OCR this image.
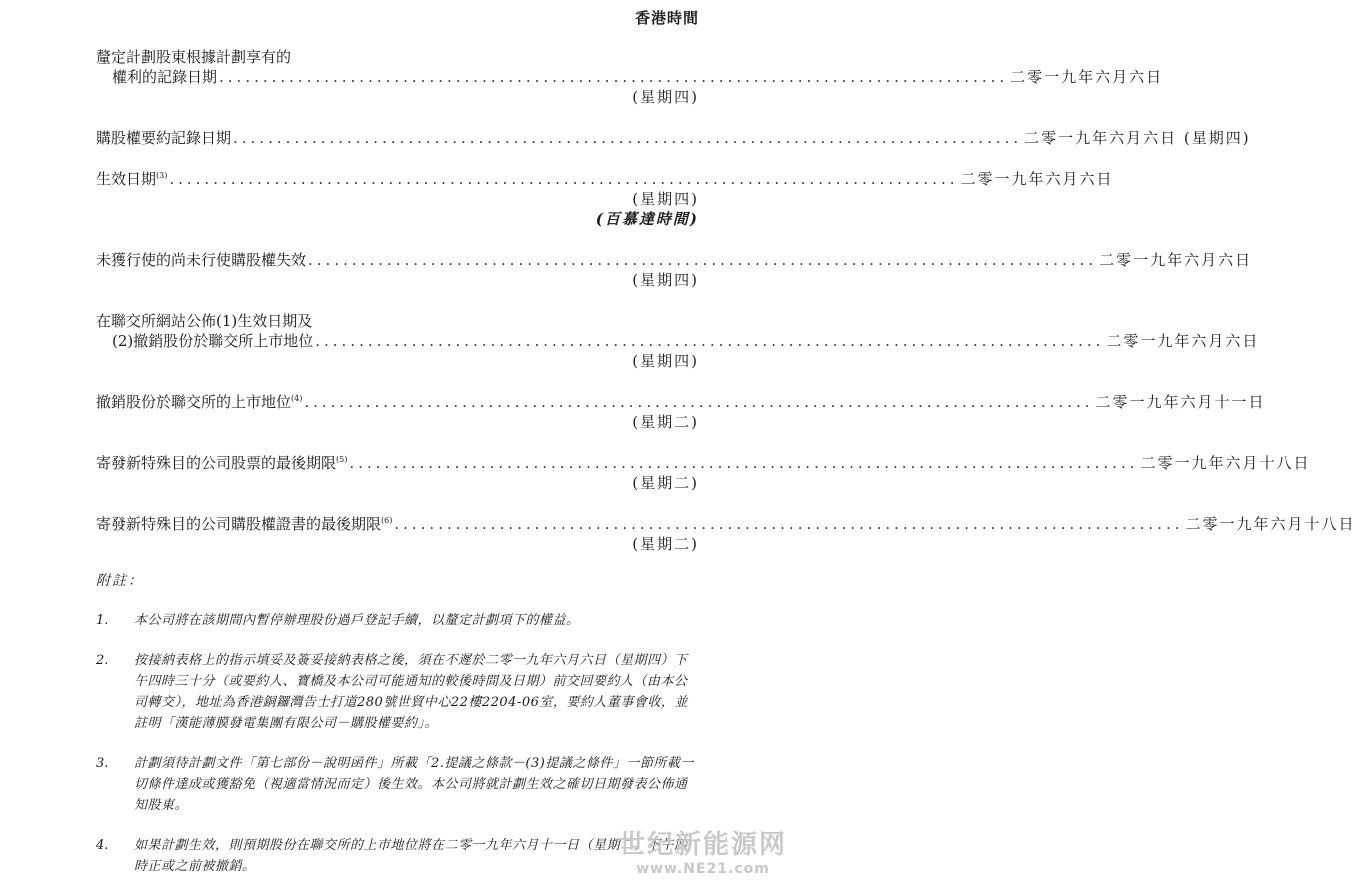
香港時間
釐定計劃股東根據計劃享有的
權利的記錄日期 .......................................................................................... 二零一九年六月六日
(星期四)
購股權要約記錄日期 .......................................................................................... 二零一九年六月六日 (星期四)
生效日期$^{(3)}$ .......................................................................................... 二零一九年六月六日
(星期四)
(百慕達時間)
未獲行使的尚未行使購股權失效 .......................................................................................... 二零一九年六月六日
(星期四)
在聯交所網站公佈(1)生效日期及
(2)撤銷股份於聯交所上市地位 .......................................................................................... 二零一九年六月六日
(星期四)
撤銷股份於聯交所的上市地位$^{(4)}$ .......................................................................................... 二零一九年六月十一日
(星期二)
寄發新特殊目的公司股票的最後期限$^{(5)}$ .......................................................................................... 二零一九年六月十八日
(星期二)
寄發新特殊目的公司購股權證書的最後期限$^{(6)}$ .......................................................................................... 二零一九年六月十八日
(星期二)
附註：
1.	本公司將在該期間內暫停辦理股份過戶登記手續，以釐定計劃項下的權益。
2.	按接納表格上的指示填妥及簽妥接納表格之後，須在不遲於二零一九年六月六日（星期四）下午四時三十分（或要約人、寶橋及本公司可能通知的較後時間及日期）前交回要約人（由本公司轉交），地址為香港銅鑼灣告士打道280號世貿中心22樓2204-06室，要約人董事會收，並註明「漢能薄膜發電集團有限公司－購股權要約」。
3.	計劃須待計劃文件「第七部份－說明函件」所載「2.提議之條款－(3)提議之條件」一節所載一切條件達成或獲豁免（視適當情況而定）後生效。本公司將就計劃生效之確切日期發表公佈通知股東。
4.	如果計劃生效，則預期股份在聯交所的上市地位將在二零一九年六月十一日（星期二）下午四時正或之前被撤銷。
世纪新能源网
www.NE21.com
